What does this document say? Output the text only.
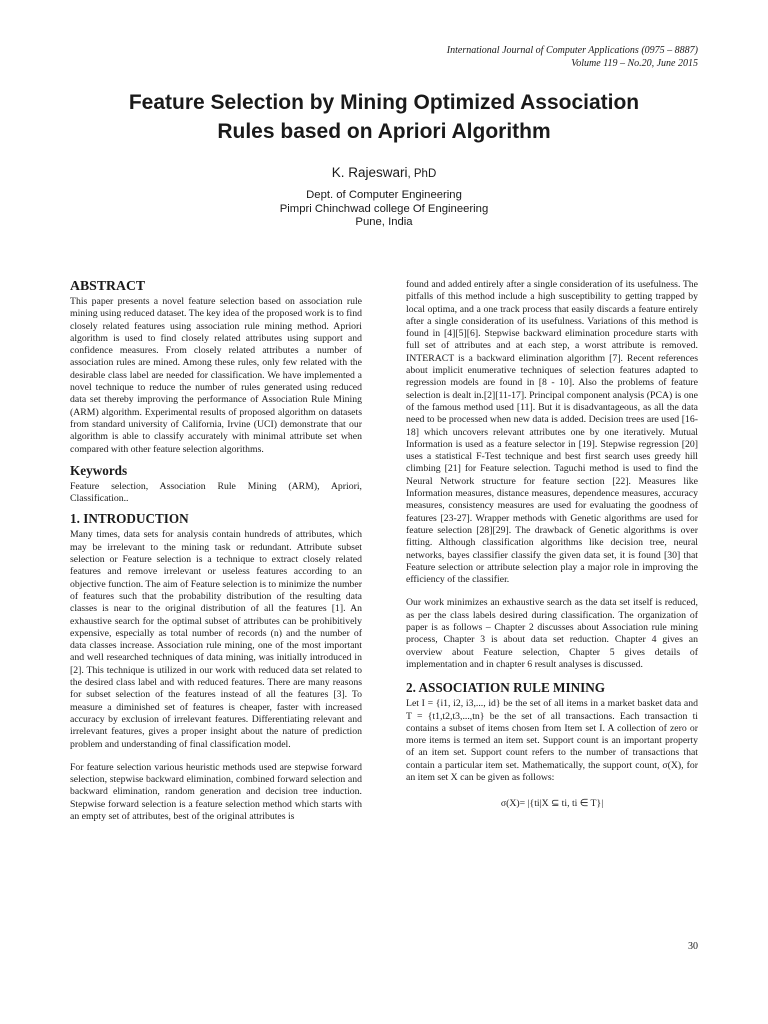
International Journal of Computer Applications (0975 – 8887)
Volume 119 – No.20, June 2015
Feature Selection by Mining Optimized Association
Rules based on Apriori Algorithm
K. Rajeswari, PhD
Dept. of Computer Engineering
Pimpri Chinchwad college Of Engineering
Pune, India
ABSTRACT

This paper presents a novel feature selection based on association rule mining using reduced dataset. The key idea of the proposed work is to find closely related features using association rule mining method. Apriori algorithm is used to find closely related attributes using support and confidence measures. From closely related attributes a number of association rules are mined. Among these rules, only few related with the desirable class label are needed for classification. We have implemented a novel technique to reduce the number of rules generated using reduced data set thereby improving the performance of Association Rule Mining (ARM) algorithm. Experimental results of proposed algorithm on datasets from standard university of California, Irvine (UCI) demonstrate that our algorithm is able to classify accurately with minimal attribute set when compared with other feature selection algorithms.

Keywords

Feature selection, Association Rule Mining (ARM), Apriori, Classification..

1. INTRODUCTION

Many times, data sets for analysis contain hundreds of attributes, which may be irrelevant to the mining task or redundant. Attribute subset selection or Feature selection is a technique to extract closely related features and remove irrelevant or useless features according to an objective function. The aim of Feature selection is to minimize the number of features such that the probability distribution of the resulting data classes is near to the original distribution of all the features [1]. An exhaustive search for the optimal subset of attributes can be prohibitively expensive, especially as total number of records (n) and the number of data classes increase. Association rule mining, one of the most important and well researched techniques of data mining, was initially introduced in [2]. This technique is utilized in our work with reduced data set related to the desired class label and with reduced features. There are many reasons for subset selection of the features instead of all the features [3]. To measure a diminished set of features is cheaper, faster with increased accuracy by exclusion of irrelevant features. Differentiating relevant and irrelevant features, gives a proper insight about the nature of prediction problem and understanding of final classification model.

For feature selection various heuristic methods used are stepwise forward selection, stepwise backward elimination, combined forward selection and backward elimination, random generation and decision tree induction. Stepwise forward selection is a feature selection method which starts with an empty set of attributes, best of the original attributes is

found and added entirely after a single consideration of its usefulness. The pitfalls of this method include a high susceptibility to getting trapped by local optima, and a one track process that easily discards a feature entirely after a single consideration of its usefulness. Variations of this method is found in [4][5][6]. Stepwise backward elimination procedure starts with full set of attributes and at each step, a worst attribute is removed. INTERACT is a backward elimination algorithm [7]. Recent references about implicit enumerative techniques of selection features adapted to regression models are found in [8 - 10]. Also the problems of feature selection is dealt in.[2][11-17]. Principal component analysis (PCA) is one of the famous method used [11]. But it is disadvantageous, as all the data need to be processed when new data is added. Decision trees are used [16-18] which uncovers relevant attributes one by one iteratively. Mutual Information is used as a feature selector in [19]. Stepwise regression [20] uses a statistical F-Test technique and best first search uses greedy hill climbing [21] for Feature selection. Taguchi method is used to find the Neural Network structure for feature section [22]. Measures like Information measures, distance measures, dependence measures, accuracy measures, consistency measures are used for evaluating the goodness of features [23-27]. Wrapper methods with Genetic algorithms are used for feature selection [28][29]. The drawback of Genetic algorithms is over fitting. Although classification algorithms like decision tree, neural networks, bayes classifier classify the given data set, it is found [30] that Feature selection or attribute selection play a major role in improving the efficiency of the classifier.

Our work minimizes an exhaustive search as the data set itself is reduced, as per the class labels desired during classification. The organization of paper is as follows – Chapter 2 discusses about Association rule mining process, Chapter 3 is about data set reduction. Chapter 4 gives an overview about Feature selection, Chapter 5 gives details of implementation and in chapter 6 result analyses is discussed.

2. ASSOCIATION RULE MINING

Let I = {i1, i2, i3,..., id} be the set of all items in a market basket data and T = {t1,t2,t3,...,tn} be the set of all transactions. Each transaction ti contains a subset of items chosen from Item set I. A collection of zero or more items is termed an item set. Support count is an important property of an item set. Support count refers to the number of transactions that contain a particular item set. Mathematically, the support count, σ(X), for an item set X can be given as follows:

σ(X)= |{ti|X ⊆ ti, ti ∈ T}|
30
